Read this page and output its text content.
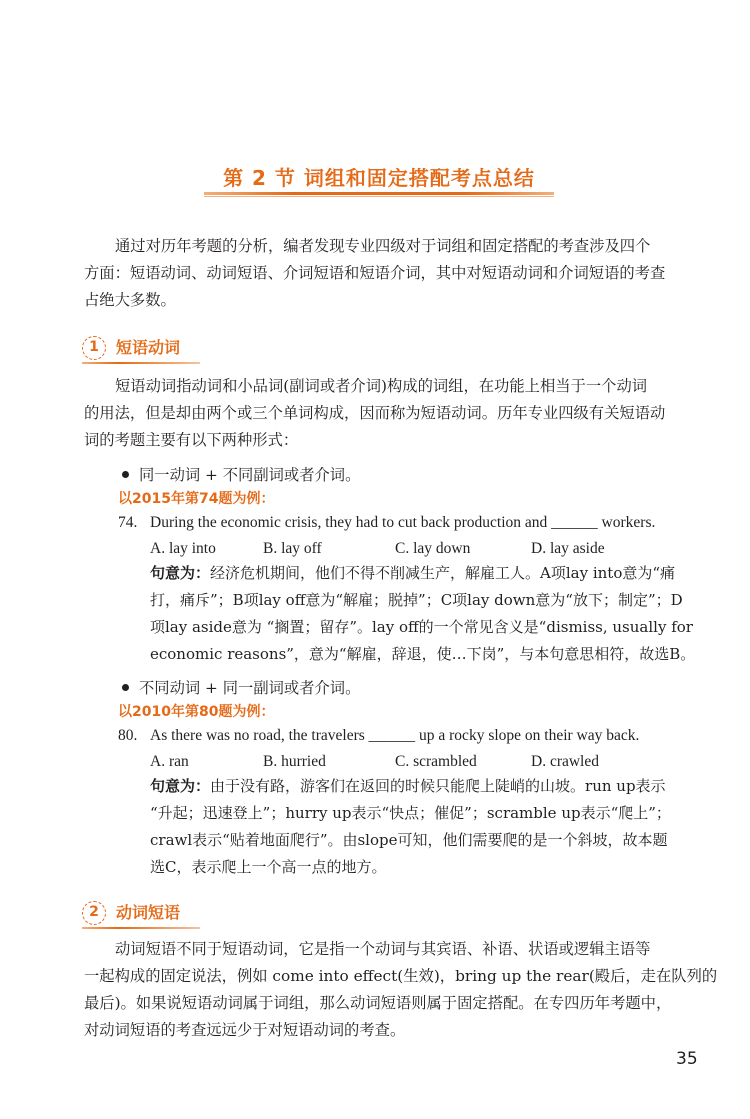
第 2 节 词组和固定搭配考点总结
通过对历年考题的分析，编者发现专业四级对于词组和固定搭配的考查涉及四个
方面：短语动词、动词短语、介词短语和短语介词，其中对短语动词和介词短语的考查
占绝大多数。
1	短语动词
短语动词指动词和小品词(副词或者介词)构成的词组，在功能上相当于一个动词
的用法，但是却由两个或三个单词构成，因而称为短语动词。历年专业四级有关短语动
词的考题主要有以下两种形式：
同一动词 + 不同副词或者介词。
以2015年第74题为例：
74. During the economic crisis, they had to cut back production and ______ workers.
A. lay into	B. lay off	C. lay down	D. lay aside
句意为：经济危机期间，他们不得不削减生产，解雇工人。A项lay into意为“痛
打，痛斥”；B项lay off意为“解雇；脱掉”；C项lay down意为“放下；制定”；D
项lay aside意为 “搁置；留存”。lay off的一个常见含义是“dismiss, usually for
economic reasons”，意为“解雇，辞退，使…下岗”，与本句意思相符，故选B。
不同动词 + 同一副词或者介词。
以2010年第80题为例：
80. As there was no road, the travelers ______ up a rocky slope on their way back.
A. ran	B. hurried	C. scrambled	D. crawled
句意为：由于没有路，游客们在返回的时候只能爬上陡峭的山坡。run up表示
“升起；迅速登上”；hurry up表示“快点；催促”；scramble up表示“爬上”；
crawl表示“贴着地面爬行”。由slope可知，他们需要爬的是一个斜坡，故本题
选C，表示爬上一个高一点的地方。
2	动词短语
动词短语不同于短语动词，它是指一个动词与其宾语、补语、状语或逻辑主语等
一起构成的固定说法，例如 come into effect(生效)，bring up the rear(殿后，走在队列的
最后)。如果说短语动词属于词组，那么动词短语则属于固定搭配。在专四历年考题中，
对动词短语的考查远远少于对短语动词的考查。
35
